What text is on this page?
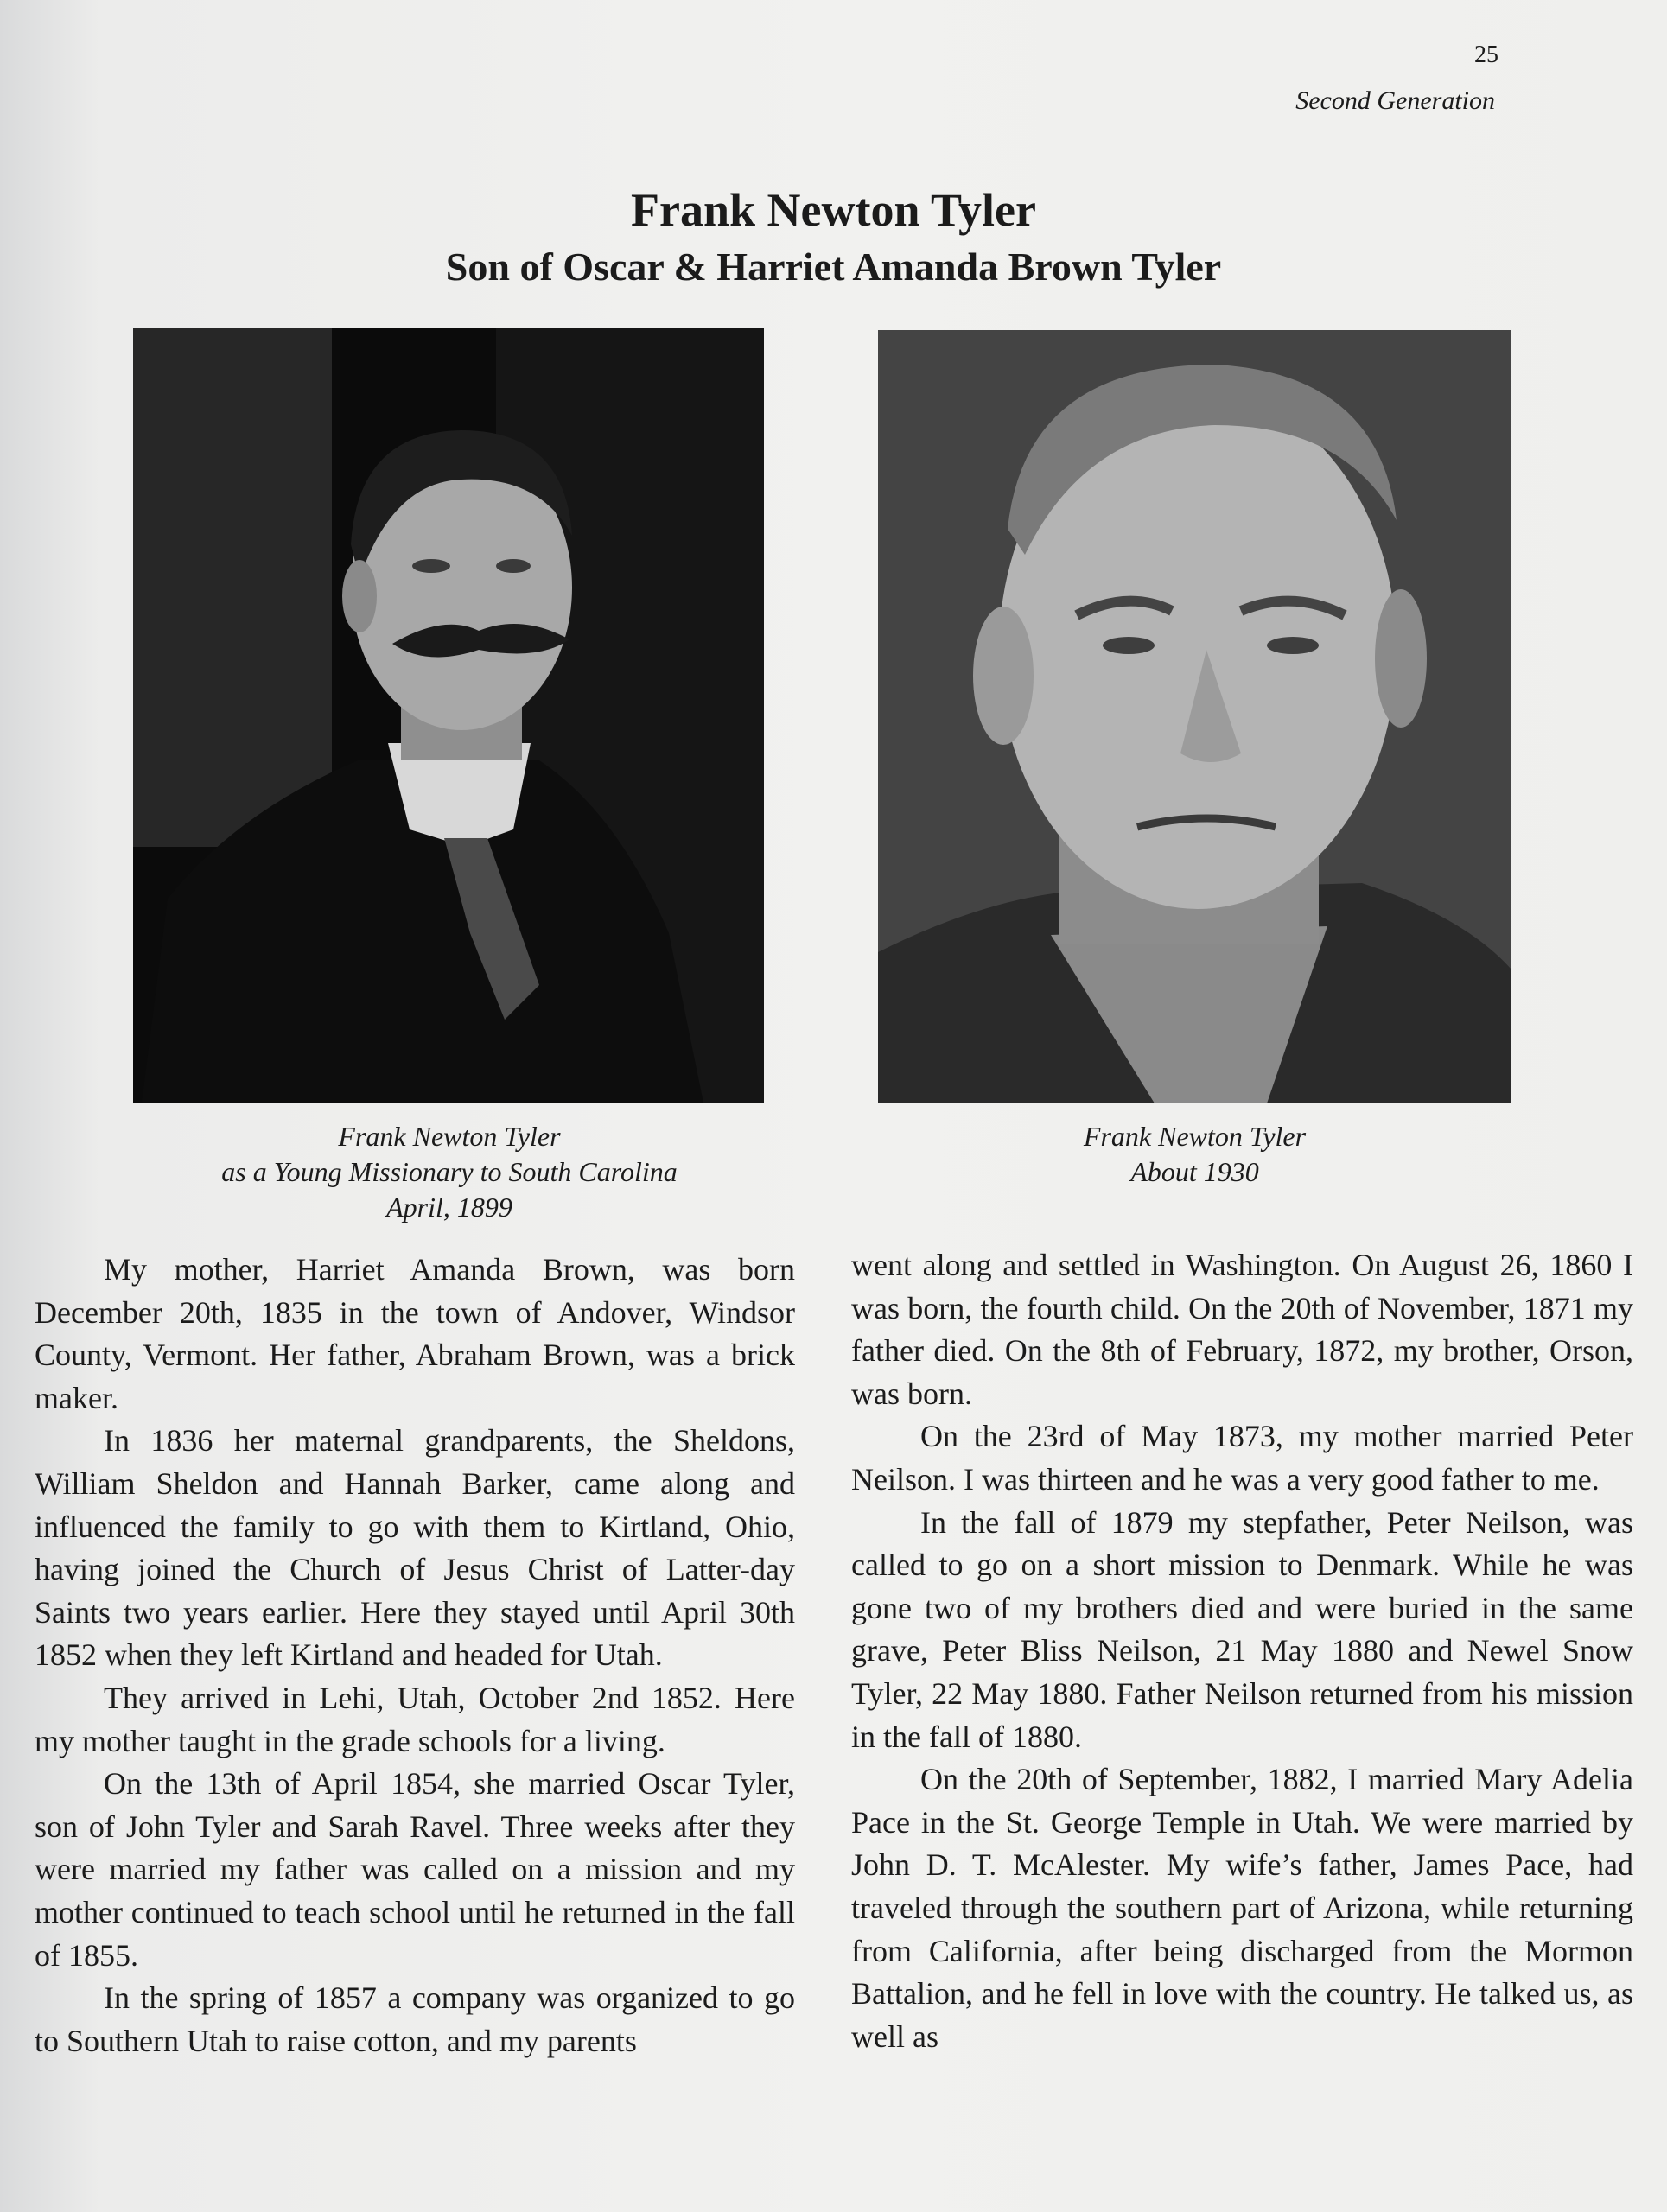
25
Second Generation
Frank Newton Tyler
Son of Oscar & Harriet Amanda Brown Tyler
Frank Newton Tyler
as a Young Missionary to South Carolina
April, 1899
Frank Newton Tyler
About 1930

My mother, Harriet Amanda Brown, was born December 20th, 1835 in the town of Andover, Windsor County, Vermont. Her father, Abraham Brown, was a brick maker.

In 1836 her maternal grandparents, the Sheldons, William Sheldon and Hannah Barker, came along and influenced the family to go with them to Kirtland, Ohio, having joined the Church of Jesus Christ of Latter-day Saints two years earlier. Here they stayed until April 30th 1852 when they left Kirtland and headed for Utah.

They arrived in Lehi, Utah, October 2nd 1852. Here my mother taught in the grade schools for a living.

On the 13th of April 1854, she married Oscar Tyler, son of John Tyler and Sarah Ravel. Three weeks after they were married my father was called on a mission and my mother continued to teach school until he returned in the fall of 1855.

In the spring of 1857 a company was organized to go to Southern Utah to raise cotton, and my parents

went along and settled in Washington. On August 26, 1860 I was born, the fourth child. On the 20th of November, 1871 my father died. On the 8th of February, 1872, my brother, Orson, was born.

On the 23rd of May 1873, my mother married Peter Neilson. I was thirteen and he was a very good father to me.

In the fall of 1879 my stepfather, Peter Neilson, was called to go on a short mission to Denmark. While he was gone two of my brothers died and were buried in the same grave, Peter Bliss Neilson, 21 May 1880 and Newel Snow Tyler, 22 May 1880. Father Neilson returned from his mission in the fall of 1880.

On the 20th of September, 1882, I married Mary Adelia Pace in the St. George Temple in Utah. We were married by John D. T. McAlester. My wife’s father, James Pace, had traveled through the southern part of Arizona, while returning from California, after being discharged from the Mormon Battalion, and he fell in love with the country. He talked us, as well as
